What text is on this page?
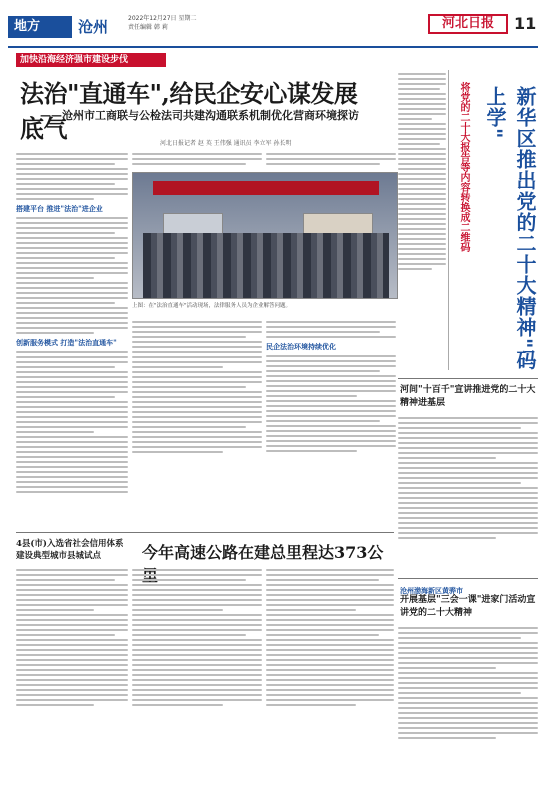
地方	沧州	2022年12月27日 星期二
责任编辑 韩 莉	河北日报	11
加快沿海经济强市建设步伐
法治"直通车",给民企安心谋发展底气
——沧州市工商联与公检法司共建沟通联系机制优化营商环境探访
河北日报记者 赵 英 王伟强 通讯员 李立军 孙长明
搭建平台 推进"法治"进企业
创新服务模式 打造"法治直通车"
上图：在"法治直通车"活动现场，法律服务人员为企业解答问题。
民企法治环境持续优化
将党的二十大报告等内容转换成二维码	新华区推出党的二十大精神"码上学"
河间"十百千"宣讲推进党的二十大精神进基层
沧州渤海新区黄骅市
开展基层"三会一课"进家门活动宣讲党的二十大精神
4县(市)入选省社会信用体系建设典型城市县城试点	今年高速公路在建总里程达373公
